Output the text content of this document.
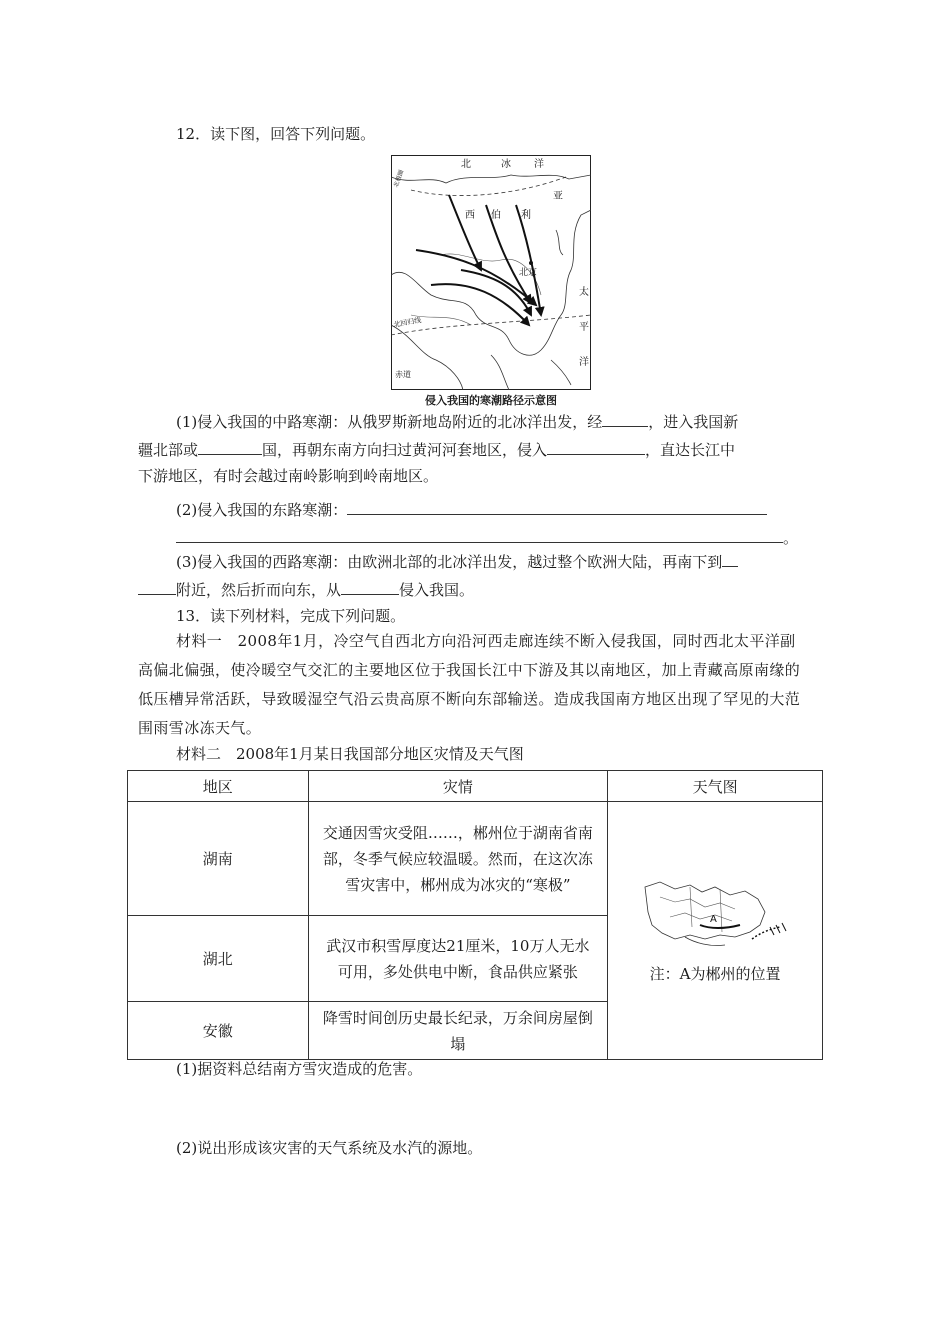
12．读下图，回答下列问题。
北	冰 洋
西 伯 利
亚
北京
太
平
洋
赤道
北回归线
北极圈
侵入我国的寒潮路径示意图
(1)侵入我国的中路寒潮：从俄罗斯新地岛附近的北冰洋出发，经	，进入我国新
疆北部或	国，再朝东南方向扫过黄河河套地区，侵入	，直达长江中
下游地区，有时会越过南岭影响到岭南地区。
(2)侵入我国的东路寒潮：
。
(3)侵入我国的西路寒潮：由欧洲北部的北冰洋出发，越过整个欧洲大陆，再南下到
附近，然后折而向东，从	侵入我国。
13．读下列材料，完成下列问题。
材料一　2008年1月，冷空气自西北方向沿河西走廊连续不断入侵我国，同时西北太平洋副高偏北偏强，使冷暖空气交汇的主要地区位于我国长江中下游及其以南地区，加上青藏高原南缘的低压槽异常活跃，导致暖湿空气沿云贵高原不断向东部输送。造成我国南方地区出现了罕见的大范围雨雪冰冻天气。
材料二　2008年1月某日我国部分地区灾情及天气图
地区	灾情	天气图
湖南	交通因雪灾受阻……，郴州位于湖南省南部，冬季气候应较温暖。然而，在这次冻雪灾害中，郴州成为冰灾的“寒极”	A
注：A为郴州的位置

湖北	武汉市积雪厚度达21厘米，10万人无水可用，多处供电中断，食品供应紧张	

安徽	降雪时间创历史最长纪录，万余间房屋倒塌	
(1)据资料总结南方雪灾造成的危害。
(2)说出形成该灾害的天气系统及水汽的源地。
